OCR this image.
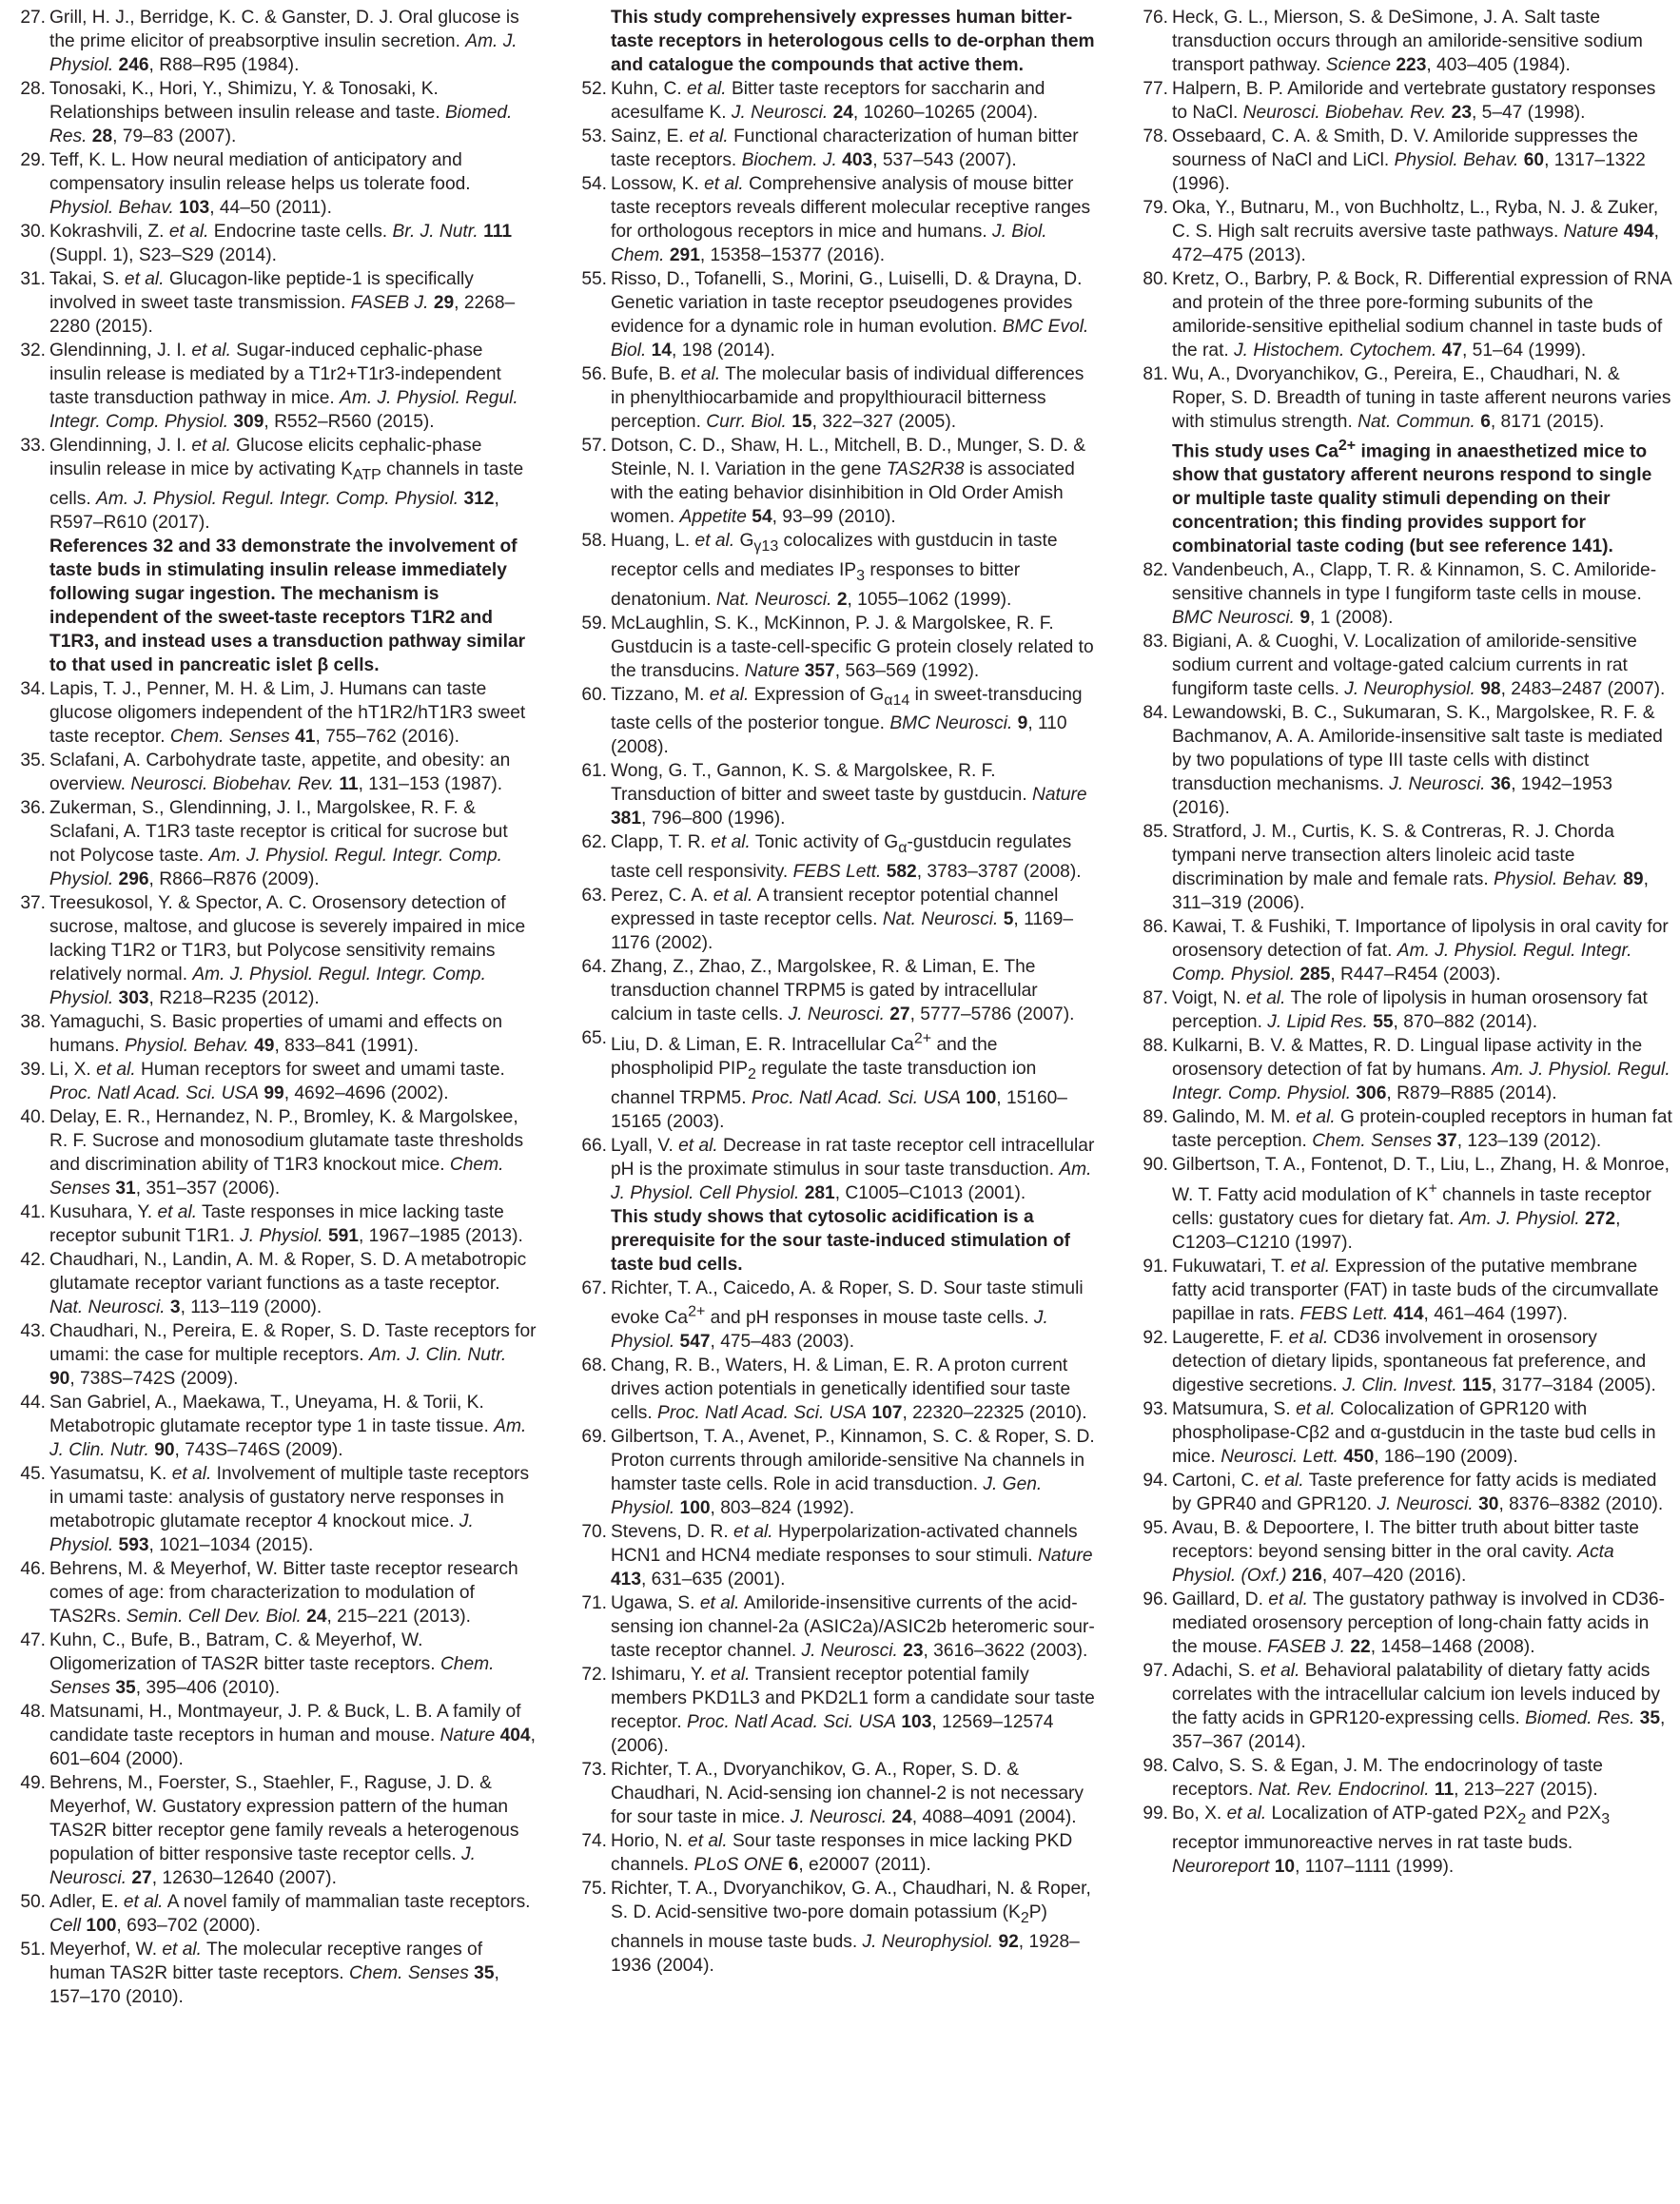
27. Grill, H. J., Berridge, K. C. & Ganster, D. J. Oral glucose is the prime elicitor of preabsorptive insulin secretion. Am. J. Physiol. 246, R88–R95 (1984).
28. Tonosaki, K., Hori, Y., Shimizu, Y. & Tonosaki, K. Relationships between insulin release and taste. Biomed. Res. 28, 79–83 (2007).
29. Teff, K. L. How neural mediation of anticipatory and compensatory insulin release helps us tolerate food. Physiol. Behav. 103, 44–50 (2011).
30. Kokrashvili, Z. et al. Endocrine taste cells. Br. J. Nutr. 111 (Suppl. 1), S23–S29 (2014).
31. Takai, S. et al. Glucagon-like peptide-1 is specifically involved in sweet taste transmission. FASEB J. 29, 2268–2280 (2015).
32. Glendinning, J. I. et al. Sugar-induced cephalic-phase insulin release is mediated by a T1r2+T1r3-independent taste transduction pathway in mice. Am. J. Physiol. Regul. Integr. Comp. Physiol. 309, R552–R560 (2015).
33. Glendinning, J. I. et al. Glucose elicits cephalic-phase insulin release in mice by activating $K_{ATP}$ channels in taste cells. Am. J. Physiol. Regul. Integr. Comp. Physiol. 312, R597–R610 (2017).
References 32 and 33 demonstrate the involvement of taste buds in stimulating insulin release immediately following sugar ingestion. The mechanism is independent of the sweet-taste receptors T1R2 and T1R3, and instead uses a transduction pathway similar to that used in pancreatic islet β cells.
34. Lapis, T. J., Penner, M. H. & Lim, J. Humans can taste glucose oligomers independent of the hT1R2/hT1R3 sweet taste receptor. Chem. Senses 41, 755–762 (2016).
35. Sclafani, A. Carbohydrate taste, appetite, and obesity: an overview. Neurosci. Biobehav. Rev. 11, 131–153 (1987).
36. Zukerman, S., Glendinning, J. I., Margolskee, R. F. & Sclafani, A. T1R3 taste receptor is critical for sucrose but not Polycose taste. Am. J. Physiol. Regul. Integr. Comp. Physiol. 296, R866–R876 (2009).
37. Treesukosol, Y. & Spector, A. C. Orosensory detection of sucrose, maltose, and glucose is severely impaired in mice lacking T1R2 or T1R3, but Polycose sensitivity remains relatively normal. Am. J. Physiol. Regul. Integr. Comp. Physiol. 303, R218–R235 (2012).
38. Yamaguchi, S. Basic properties of umami and effects on humans. Physiol. Behav. 49, 833–841 (1991).
39. Li, X. et al. Human receptors for sweet and umami taste. Proc. Natl Acad. Sci. USA 99, 4692–4696 (2002).
40. Delay, E. R., Hernandez, N. P., Bromley, K. & Margolskee, R. F. Sucrose and monosodium glutamate taste thresholds and discrimination ability of T1R3 knockout mice. Chem. Senses 31, 351–357 (2006).
41. Kusuhara, Y. et al. Taste responses in mice lacking taste receptor subunit T1R1. J. Physiol. 591, 1967–1985 (2013).
42. Chaudhari, N., Landin, A. M. & Roper, S. D. A metabotropic glutamate receptor variant functions as a taste receptor. Nat. Neurosci. 3, 113–119 (2000).
43. Chaudhari, N., Pereira, E. & Roper, S. D. Taste receptors for umami: the case for multiple receptors. Am. J. Clin. Nutr. 90, 738S–742S (2009).
44. San Gabriel, A., Maekawa, T., Uneyama, H. & Torii, K. Metabotropic glutamate receptor type 1 in taste tissue. Am. J. Clin. Nutr. 90, 743S–746S (2009).
45. Yasumatsu, K. et al. Involvement of multiple taste receptors in umami taste: analysis of gustatory nerve responses in metabotropic glutamate receptor 4 knockout mice. J. Physiol. 593, 1021–1034 (2015).
46. Behrens, M. & Meyerhof, W. Bitter taste receptor research comes of age: from characterization to modulation of TAS2Rs. Semin. Cell Dev. Biol. 24, 215–221 (2013).
47. Kuhn, C., Bufe, B., Batram, C. & Meyerhof, W. Oligomerization of TAS2R bitter taste receptors. Chem. Senses 35, 395–406 (2010).
48. Matsunami, H., Montmayeur, J. P. & Buck, L. B. A family of candidate taste receptors in human and mouse. Nature 404, 601–604 (2000).
49. Behrens, M., Foerster, S., Staehler, F., Raguse, J. D. & Meyerhof, W. Gustatory expression pattern of the human TAS2R bitter receptor gene family reveals a heterogenous population of bitter responsive taste receptor cells. J. Neurosci. 27, 12630–12640 (2007).
50. Adler, E. et al. A novel family of mammalian taste receptors. Cell 100, 693–702 (2000).
51. Meyerhof, W. et al. The molecular receptive ranges of human TAS2R bitter taste receptors. Chem. Senses 35, 157–170 (2010).
This study comprehensively expresses human bitter-taste receptors in heterologous cells to de-orphan them and catalogue the compounds that active them.
52. Kuhn, C. et al. Bitter taste receptors for saccharin and acesulfame K. J. Neurosci. 24, 10260–10265 (2004).
53. Sainz, E. et al. Functional characterization of human bitter taste receptors. Biochem. J. 403, 537–543 (2007).
54. Lossow, K. et al. Comprehensive analysis of mouse bitter taste receptors reveals different molecular receptive ranges for orthologous receptors in mice and humans. J. Biol. Chem. 291, 15358–15377 (2016).
55. Risso, D., Tofanelli, S., Morini, G., Luiselli, D. & Drayna, D. Genetic variation in taste receptor pseudogenes provides evidence for a dynamic role in human evolution. BMC Evol. Biol. 14, 198 (2014).
56. Bufe, B. et al. The molecular basis of individual differences in phenylthiocarbamide and propylthiouracil bitterness perception. Curr. Biol. 15, 322–327 (2005).
57. Dotson, C. D., Shaw, H. L., Mitchell, B. D., Munger, S. D. & Steinle, N. I. Variation in the gene TAS2R38 is associated with the eating behavior disinhibition in Old Order Amish women. Appetite 54, 93–99 (2010).
58. Huang, L. et al. $G_{\gamma 13}$ colocalizes with gustducin in taste receptor cells and mediates $IP_3$ responses to bitter denatonium. Nat. Neurosci. 2, 1055–1062 (1999).
59. McLaughlin, S. K., McKinnon, P. J. & Margolskee, R. F. Gustducin is a taste-cell-specific G protein closely related to the transducins. Nature 357, 563–569 (1992).
60. Tizzano, M. et al. Expression of $G_{\alpha 14}$ in sweet-transducing taste cells of the posterior tongue. BMC Neurosci. 9, 110 (2008).
61. Wong, G. T., Gannon, K. S. & Margolskee, R. F. Transduction of bitter and sweet taste by gustducin. Nature 381, 796–800 (1996).
62. Clapp, T. R. et al. Tonic activity of $G_\alpha$-gustducin regulates taste cell responsivity. FEBS Lett. 582, 3783–3787 (2008).
63. Perez, C. A. et al. A transient receptor potential channel expressed in taste receptor cells. Nat. Neurosci. 5, 1169–1176 (2002).
64. Zhang, Z., Zhao, Z., Margolskee, R. & Liman, E. The transduction channel TRPM5 is gated by intracellular calcium in taste cells. J. Neurosci. 27, 5777–5786 (2007).
65. Liu, D. & Liman, E. R. Intracellular $Ca^{2+}$ and the phospholipid $PIP_2$ regulate the taste transduction ion channel TRPM5. Proc. Natl Acad. Sci. USA 100, 15160–15165 (2003).
66. Lyall, V. et al. Decrease in rat taste receptor cell intracellular pH is the proximate stimulus in sour taste transduction. Am. J. Physiol. Cell Physiol. 281, C1005–C1013 (2001).
This study shows that cytosolic acidification is a prerequisite for the sour taste-induced stimulation of taste bud cells.
67. Richter, T. A., Caicedo, A. & Roper, S. D. Sour taste stimuli evoke $Ca^{2+}$ and pH responses in mouse taste cells. J. Physiol. 547, 475–483 (2003).
68. Chang, R. B., Waters, H. & Liman, E. R. A proton current drives action potentials in genetically identified sour taste cells. Proc. Natl Acad. Sci. USA 107, 22320–22325 (2010).
69. Gilbertson, T. A., Avenet, P., Kinnamon, S. C. & Roper, S. D. Proton currents through amiloride-sensitive Na channels in hamster taste cells. Role in acid transduction. J. Gen. Physiol. 100, 803–824 (1992).
70. Stevens, D. R. et al. Hyperpolarization-activated channels HCN1 and HCN4 mediate responses to sour stimuli. Nature 413, 631–635 (2001).
71. Ugawa, S. et al. Amiloride-insensitive currents of the acid-sensing ion channel-2a (ASIC2a)/ASIC2b heteromeric sour-taste receptor channel. J. Neurosci. 23, 3616–3622 (2003).
72. Ishimaru, Y. et al. Transient receptor potential family members PKD1L3 and PKD2L1 form a candidate sour taste receptor. Proc. Natl Acad. Sci. USA 103, 12569–12574 (2006).
73. Richter, T. A., Dvoryanchikov, G. A., Roper, S. D. & Chaudhari, N. Acid-sensing ion channel-2 is not necessary for sour taste in mice. J. Neurosci. 24, 4088–4091 (2004).
74. Horio, N. et al. Sour taste responses in mice lacking PKD channels. PLoS ONE 6, e20007 (2011).
75. Richter, T. A., Dvoryanchikov, G. A., Chaudhari, N. & Roper, S. D. Acid-sensitive two-pore domain potassium $(K_2P)$ channels in mouse taste buds. J. Neurophysiol. 92, 1928–1936 (2004).
76. Heck, G. L., Mierson, S. & DeSimone, J. A. Salt taste transduction occurs through an amiloride-sensitive sodium transport pathway. Science 223, 403–405 (1984).
77. Halpern, B. P. Amiloride and vertebrate gustatory responses to NaCl. Neurosci. Biobehav. Rev. 23, 5–47 (1998).
78. Ossebaard, C. A. & Smith, D. V. Amiloride suppresses the sourness of NaCl and LiCl. Physiol. Behav. 60, 1317–1322 (1996).
79. Oka, Y., Butnaru, M., von Buchholtz, L., Ryba, N. J. & Zuker, C. S. High salt recruits aversive taste pathways. Nature 494, 472–475 (2013).
80. Kretz, O., Barbry, P. & Bock, R. Differential expression of RNA and protein of the three pore-forming subunits of the amiloride-sensitive epithelial sodium channel in taste buds of the rat. J. Histochem. Cytochem. 47, 51–64 (1999).
81. Wu, A., Dvoryanchikov, G., Pereira, E., Chaudhari, N. & Roper, S. D. Breadth of tuning in taste afferent neurons varies with stimulus strength. Nat. Commun. 6, 8171 (2015).
This study uses $Ca^{2+}$ imaging in anaesthetized mice to show that gustatory afferent neurons respond to single or multiple taste quality stimuli depending on their concentration; this finding provides support for combinatorial taste coding (but see reference 141).
82. Vandenbeuch, A., Clapp, T. R. & Kinnamon, S. C. Amiloride-sensitive channels in type I fungiform taste cells in mouse. BMC Neurosci. 9, 1 (2008).
83. Bigiani, A. & Cuoghi, V. Localization of amiloride-sensitive sodium current and voltage-gated calcium currents in rat fungiform taste cells. J. Neurophysiol. 98, 2483–2487 (2007).
84. Lewandowski, B. C., Sukumaran, S. K., Margolskee, R. F. & Bachmanov, A. A. Amiloride-insensitive salt taste is mediated by two populations of type III taste cells with distinct transduction mechanisms. J. Neurosci. 36, 1942–1953 (2016).
85. Stratford, J. M., Curtis, K. S. & Contreras, R. J. Chorda tympani nerve transection alters linoleic acid taste discrimination by male and female rats. Physiol. Behav. 89, 311–319 (2006).
86. Kawai, T. & Fushiki, T. Importance of lipolysis in oral cavity for orosensory detection of fat. Am. J. Physiol. Regul. Integr. Comp. Physiol. 285, R447–R454 (2003).
87. Voigt, N. et al. The role of lipolysis in human orosensory fat perception. J. Lipid Res. 55, 870–882 (2014).
88. Kulkarni, B. V. & Mattes, R. D. Lingual lipase activity in the orosensory detection of fat by humans. Am. J. Physiol. Regul. Integr. Comp. Physiol. 306, R879–R885 (2014).
89. Galindo, M. M. et al. G protein-coupled receptors in human fat taste perception. Chem. Senses 37, 123–139 (2012).
90. Gilbertson, T. A., Fontenot, D. T., Liu, L., Zhang, H. & Monroe, W. T. Fatty acid modulation of K+ channels in taste receptor cells: gustatory cues for dietary fat. Am. J. Physiol. 272, C1203–C1210 (1997).
91. Fukuwatari, T. et al. Expression of the putative membrane fatty acid transporter (FAT) in taste buds of the circumvallate papillae in rats. FEBS Lett. 414, 461–464 (1997).
92. Laugerette, F. et al. CD36 involvement in orosensory detection of dietary lipids, spontaneous fat preference, and digestive secretions. J. Clin. Invest. 115, 3177–3184 (2005).
93. Matsumura, S. et al. Colocalization of GPR120 with phospholipase-Cβ2 and α-gustducin in the taste bud cells in mice. Neurosci. Lett. 450, 186–190 (2009).
94. Cartoni, C. et al. Taste preference for fatty acids is mediated by GPR40 and GPR120. J. Neurosci. 30, 8376–8382 (2010).
95. Avau, B. & Depoortere, I. The bitter truth about bitter taste receptors: beyond sensing bitter in the oral cavity. Acta Physiol. (Oxf.) 216, 407–420 (2016).
96. Gaillard, D. et al. The gustatory pathway is involved in CD36-mediated orosensory perception of long-chain fatty acids in the mouse. FASEB J. 22, 1458–1468 (2008).
97. Adachi, S. et al. Behavioral palatability of dietary fatty acids correlates with the intracellular calcium ion levels induced by the fatty acids in GPR120-expressing cells. Biomed. Res. 35, 357–367 (2014).
98. Calvo, S. S. & Egan, J. M. The endocrinology of taste receptors. Nat. Rev. Endocrinol. 11, 213–227 (2015).
99. Bo, X. et al. Localization of ATP-gated $P2X_2$ and $P2X_3$ receptor immunoreactive nerves in rat taste buds. Neuroreport 10, 1107–1111 (1999).
